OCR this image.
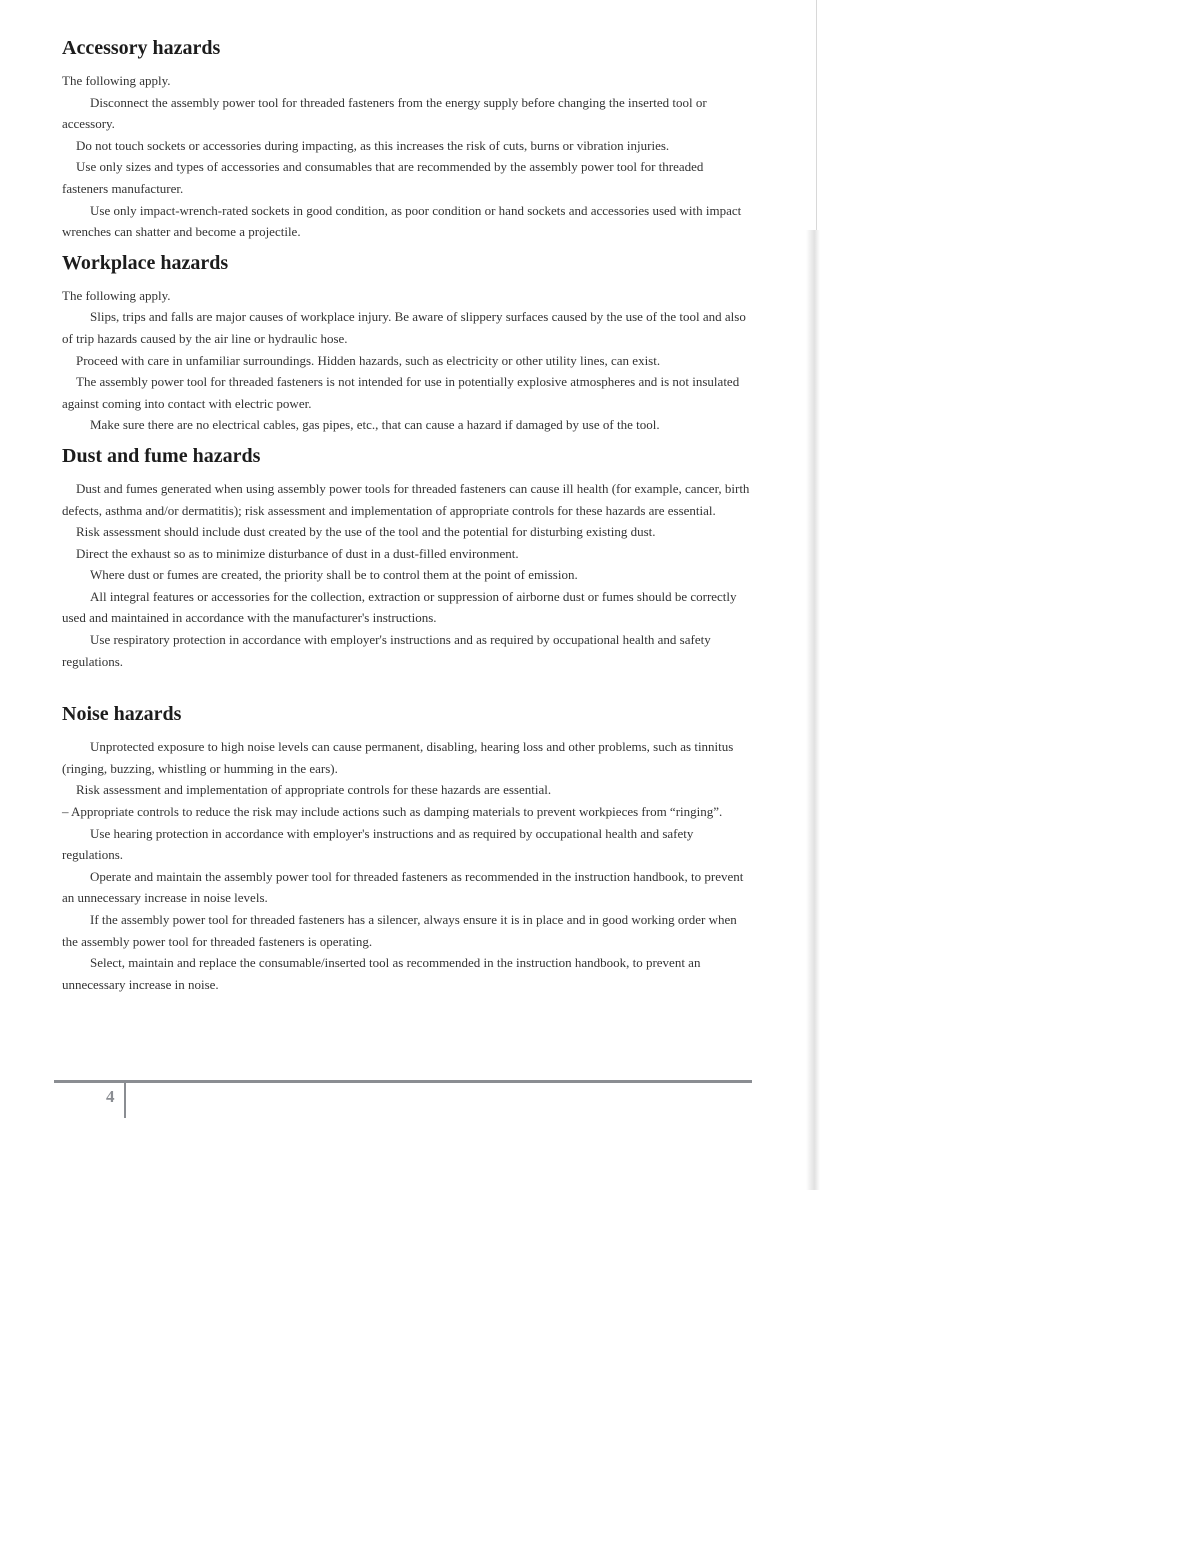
Accessory hazards

The following apply.

Disconnect the assembly power tool for threaded fasteners from the energy supply before changing the inserted tool or accessory.

Do not touch sockets or accessories during impacting, as this increases the risk of cuts, burns or vibration injuries.

Use only sizes and types of accessories and consumables that are recommended by the assembly power tool for threaded fasteners manufacturer.

Use only impact-wrench-rated sockets in good condition, as poor condition or hand sockets and accessories used with impact wrenches can shatter and become a projectile.

Workplace hazards

The following apply.

Slips, trips and falls are major causes of workplace injury. Be aware of slippery surfaces caused by the use of the tool and also of trip hazards caused by the air line or hydraulic hose.

Proceed with care in unfamiliar surroundings. Hidden hazards, such as electricity or other utility lines, can exist.

The assembly power tool for threaded fasteners is not intended for use in potentially explosive atmospheres and is not insulated against coming into contact with electric power.

Make sure there are no electrical cables, gas pipes, etc., that can cause a hazard if damaged by use of the tool.

Dust and fume hazards

Dust and fumes generated when using assembly power tools for threaded fasteners can cause ill health (for example, cancer, birth defects, asthma and/or dermatitis); risk assessment and implementation of appropriate controls for these hazards are essential.

Risk assessment should include dust created by the use of the tool and the potential for disturbing existing dust.

Direct the exhaust so as to minimize disturbance of dust in a dust-filled environment.

Where dust or fumes are created, the priority shall be to control them at the point of emission.

All integral features or accessories for the collection, extraction or suppression of airborne dust or fumes should be correctly used and maintained in accordance with the manufacturer's instructions.

Use respiratory protection in accordance with employer's instructions and as required by occupational health and safety regulations.

Noise hazards

Unprotected exposure to high noise levels can cause permanent, disabling, hearing loss and other problems, such as tinnitus (ringing, buzzing, whistling or humming in the ears).

Risk assessment and implementation of appropriate controls for these hazards are essential.

– Appropriate controls to reduce the risk may include actions such as damping materials to prevent workpieces from “ringing”.

Use hearing protection in accordance with employer's instructions and as required by occupational health and safety regulations.

Operate and maintain the assembly power tool for threaded fasteners as recommended in the instruction handbook, to prevent an unnecessary increase in noise levels.

If the assembly power tool for threaded fasteners has a silencer, always ensure it is in place and in good working order when the assembly power tool for threaded fasteners is operating.

Select, maintain and replace the consumable/inserted tool as recommended in the instruction handbook, to prevent an unnecessary increase in noise.

4
